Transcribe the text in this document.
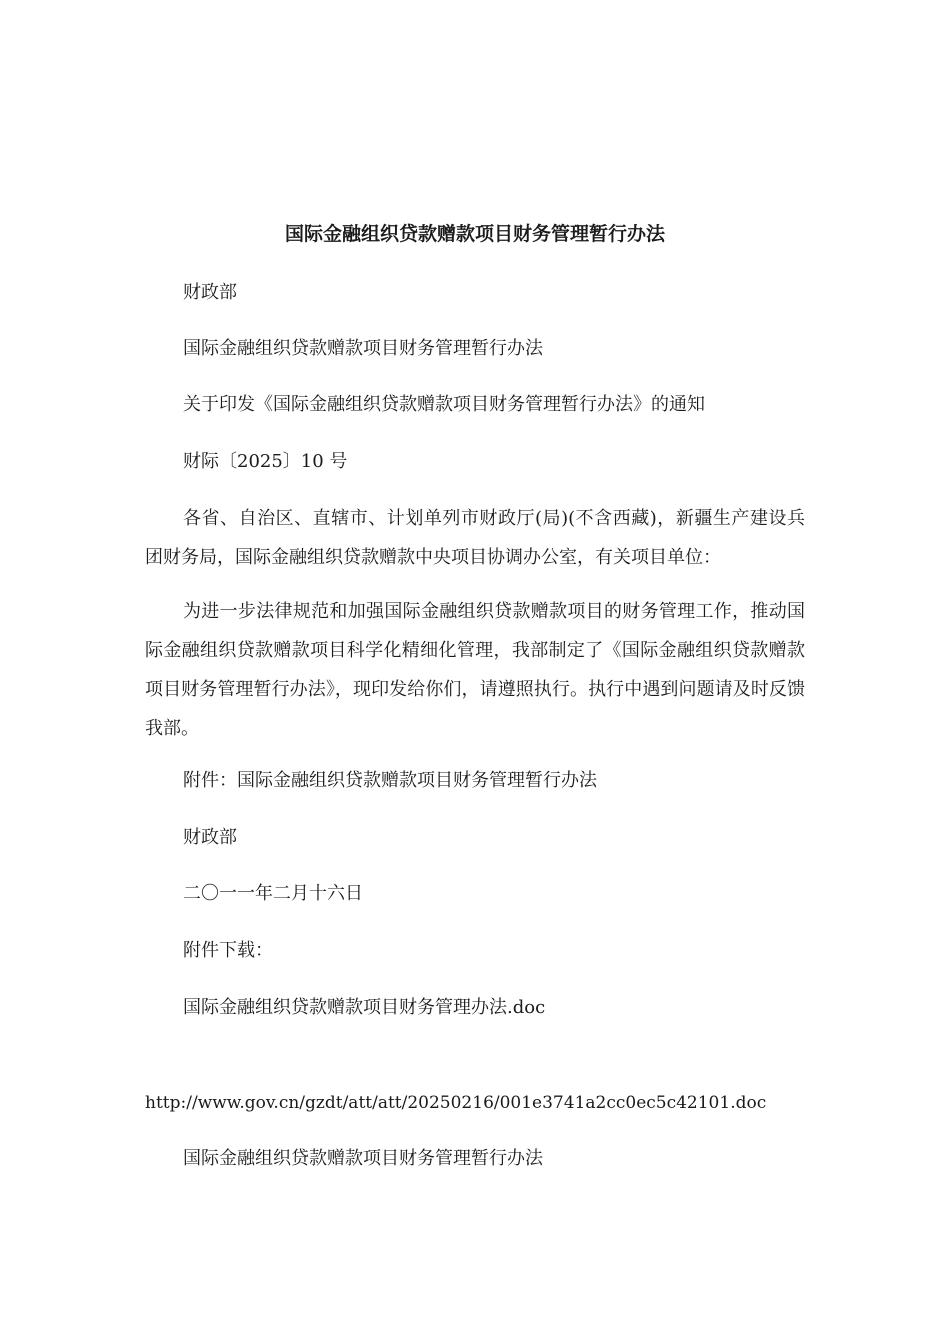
国际金融组织贷款赠款项目财务管理暂行办法
财政部
国际金融组织贷款赠款项目财务管理暂行办法
关于印发《国际金融组织贷款赠款项目财务管理暂行办法》的通知
财际〔2025〕10 号
各省、自治区、直辖市、计划单列市财政厅(局)(不含西藏)，新疆生产建设兵团财务局，国际金融组织贷款赠款中央项目协调办公室，有关项目单位：
为进一步法律规范和加强国际金融组织贷款赠款项目的财务管理工作，推动国际金融组织贷款赠款项目科学化精细化管理，我部制定了《国际金融组织贷款赠款项目财务管理暂行办法》，现印发给你们，请遵照执行。执行中遇到问题请及时反馈我部。
附件：国际金融组织贷款赠款项目财务管理暂行办法
财政部
二〇一一年二月十六日
附件下载：
国际金融组织贷款赠款项目财务管理办法.doc
http://www.gov.cn/gzdt/att/att/20250216/001e3741a2cc0ec5c42101.doc
国际金融组织贷款赠款项目财务管理暂行办法
